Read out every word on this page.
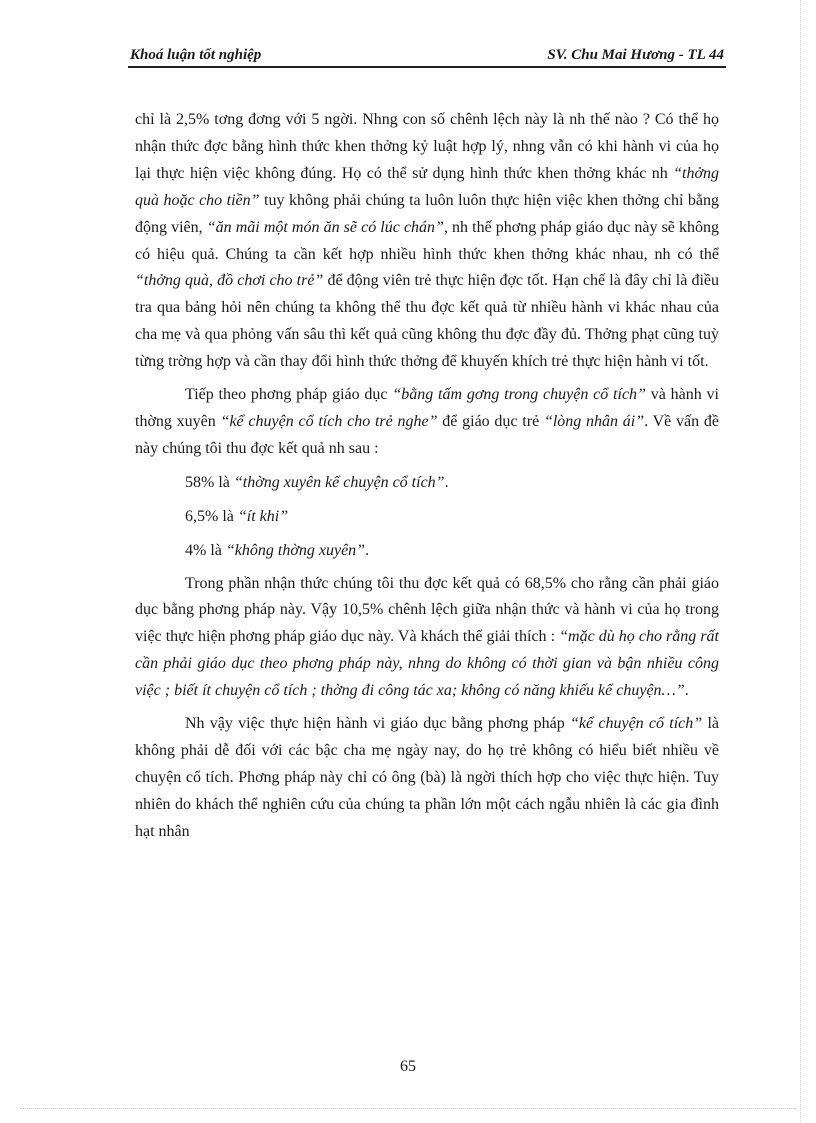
Khoá luận tốt nghiệp	SV. Chu Mai Hương - TL 44

chỉ là 2,5% tơng đơng với 5 ngời. Nhng con số chênh lệch này là nh thế nào ? Có thể họ nhận thức đợc bằng hình thức khen thởng kỷ luật hợp lý, nhng vẫn có khi hành vi của họ lại thực hiện việc không đúng. Họ có thể sử dụng hình thức khen thởng khác nh “thởng quà hoặc cho tiền” tuy không phải chúng ta luôn luôn thực hiện việc khen thởng chỉ bằng động viên, “ăn mãi một món ăn sẽ có lúc chán”, nh thế phơng pháp giáo dục này sẽ không có hiệu quả. Chúng ta cần kết hợp nhiều hình thức khen thởng khác nhau, nh có thể “thởng quà, đồ chơi cho trẻ” để động viên trẻ thực hiện đợc tốt. Hạn chế là đây chỉ là điều tra qua bảng hỏi nên chúng ta không thể thu đợc kết quả từ nhiều hành vi khác nhau của cha mẹ và qua phỏng vấn sâu thì kết quả cũng không thu đợc đầy đủ. Thởng phạt cũng tuỳ từng trờng hợp và cần thay đổi hình thức thởng để khuyến khích trẻ thực hiện hành vi tốt.

Tiếp theo phơng pháp giáo dục “bằng tấm gơng trong chuyện cổ tích” và hành vi thờng xuyên “kể chuyện cổ tích cho trẻ nghe” để giáo dục trẻ “lòng nhân ái”. Về vấn đề này chúng tôi thu đợc kết quả nh sau :

58% là “thờng xuyên kể chuyện cổ tích”.

6,5% là “ít khi”

4% là “không thờng xuyên”.

Trong phần nhận thức chúng tôi thu đợc kết quả có 68,5% cho rằng cần phải giáo dục bằng phơng pháp này. Vậy 10,5% chênh lệch giữa nhận thức và hành vi của họ trong việc thực hiện phơng pháp giáo dục này. Và khách thể giải thích : “mặc dù họ cho rằng rất cần phải giáo dục theo phơng pháp này, nhng do không có thời gian và bận nhiều công việc ; biết ít chuyện cổ tích ; thờng đi công tác xa; không có năng khiếu kể chuyện…”.

Nh vậy việc thực hiện hành vi giáo dục bằng phơng pháp “kể chuyện cổ tích” là không phải dễ đối với các bậc cha mẹ ngày nay, do họ trẻ không có hiểu biết nhiều về chuyện cổ tích. Phơng pháp này chỉ có ông (bà) là ngời thích hợp cho việc thực hiện. Tuy nhiên do khách thể nghiên cứu của chúng ta phần lớn một cách ngẫu nhiên là các gia đình hạt nhân

65
